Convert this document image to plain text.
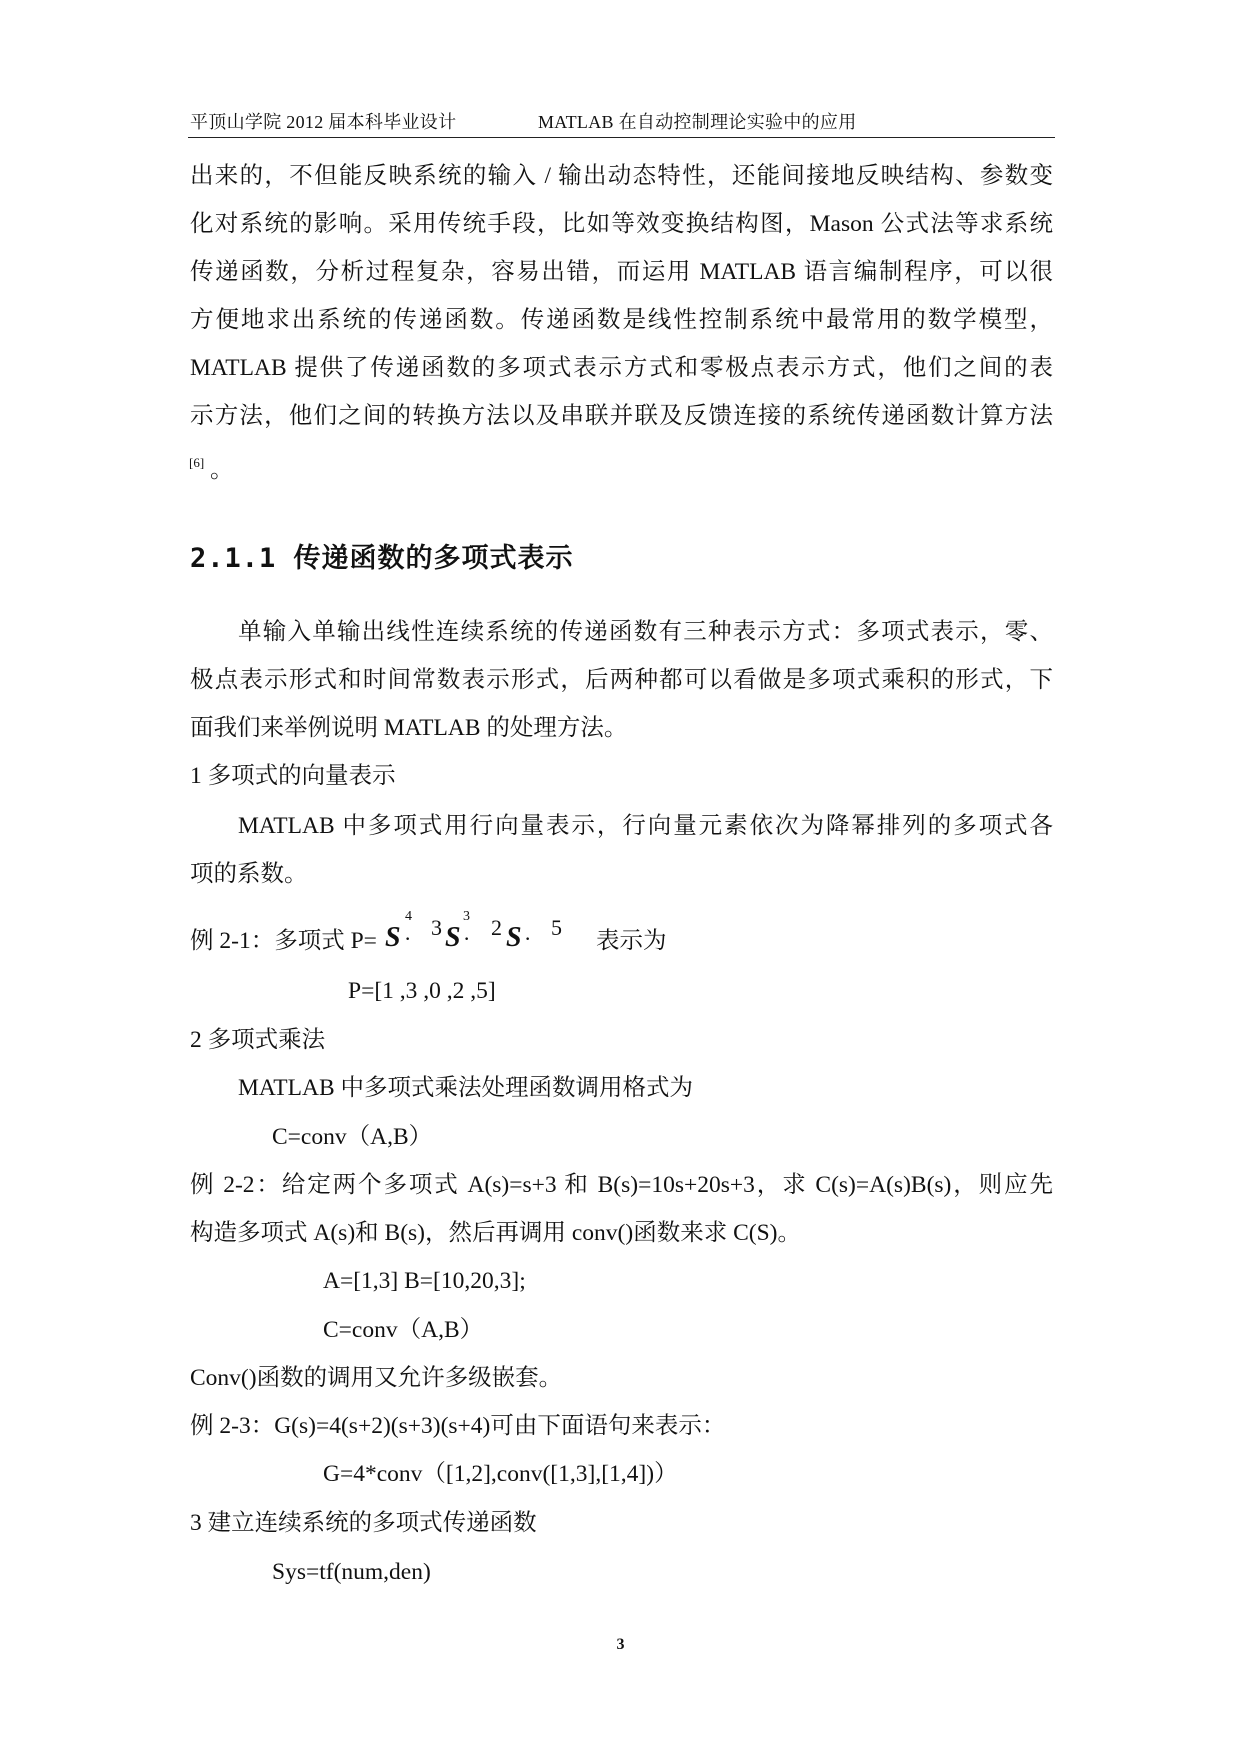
平顶山学院 2012 届本科毕业设计	MATLAB 在自动控制理论实验中的应用
出来的，不但能反映系统的输入 / 输出动态特性，还能间接地反映结构、参数变
化对系统的影响。采用传统手段，比如等效变换结构图，Mason 公式法等求系统
传递函数，分析过程复杂，容易出错，而运用 MATLAB 语言编制程序，可以很
方便地求出系统的传递函数。传递函数是线性控制系统中最常用的数学模型，
MATLAB 提供了传递函数的多项式表示方式和零极点表示方式，他们之间的表
示方法，他们之间的转换方法以及串联并联及反馈连接的系统传递函数计算方法
[6] 。
2.1.1 传递函数的多项式表示
单输入单输出线性连续系统的传递函数有三种表示方式：多项式表示，零、
极点表示形式和时间常数表示形式，后两种都可以看做是多项式乘积的形式，下
面我们来举例说明 MATLAB 的处理方法。
1 多项式的向量表示
MATLAB 中多项式用行向量表示，行向量元素依次为降幂排列的多项式各
项的系数。
例 2-1：多项式 P= S
4
· 3 S
3
· 2 S · 5
表示为
P=[1 ,3 ,0 ,2 ,5]
2 多项式乘法
MATLAB 中多项式乘法处理函数调用格式为
C=conv（A,B）
例 2-2：给定两个多项式 A(s)=s+3 和 B(s)=10s+20s+3，求 C(s)=A(s)B(s)，则应先
构造多项式 A(s)和 B(s)，然后再调用 conv()函数来求 C(S)。
A=[1,3] B=[10,20,3];
C=conv（A,B）
Conv()函数的调用又允许多级嵌套。
例 2-3：G(s)=4(s+2)(s+3)(s+4)可由下面语句来表示：
G=4*conv（[1,2],conv([1,3],[1,4])）
3 建立连续系统的多项式传递函数
Sys=tf(num,den)
3
